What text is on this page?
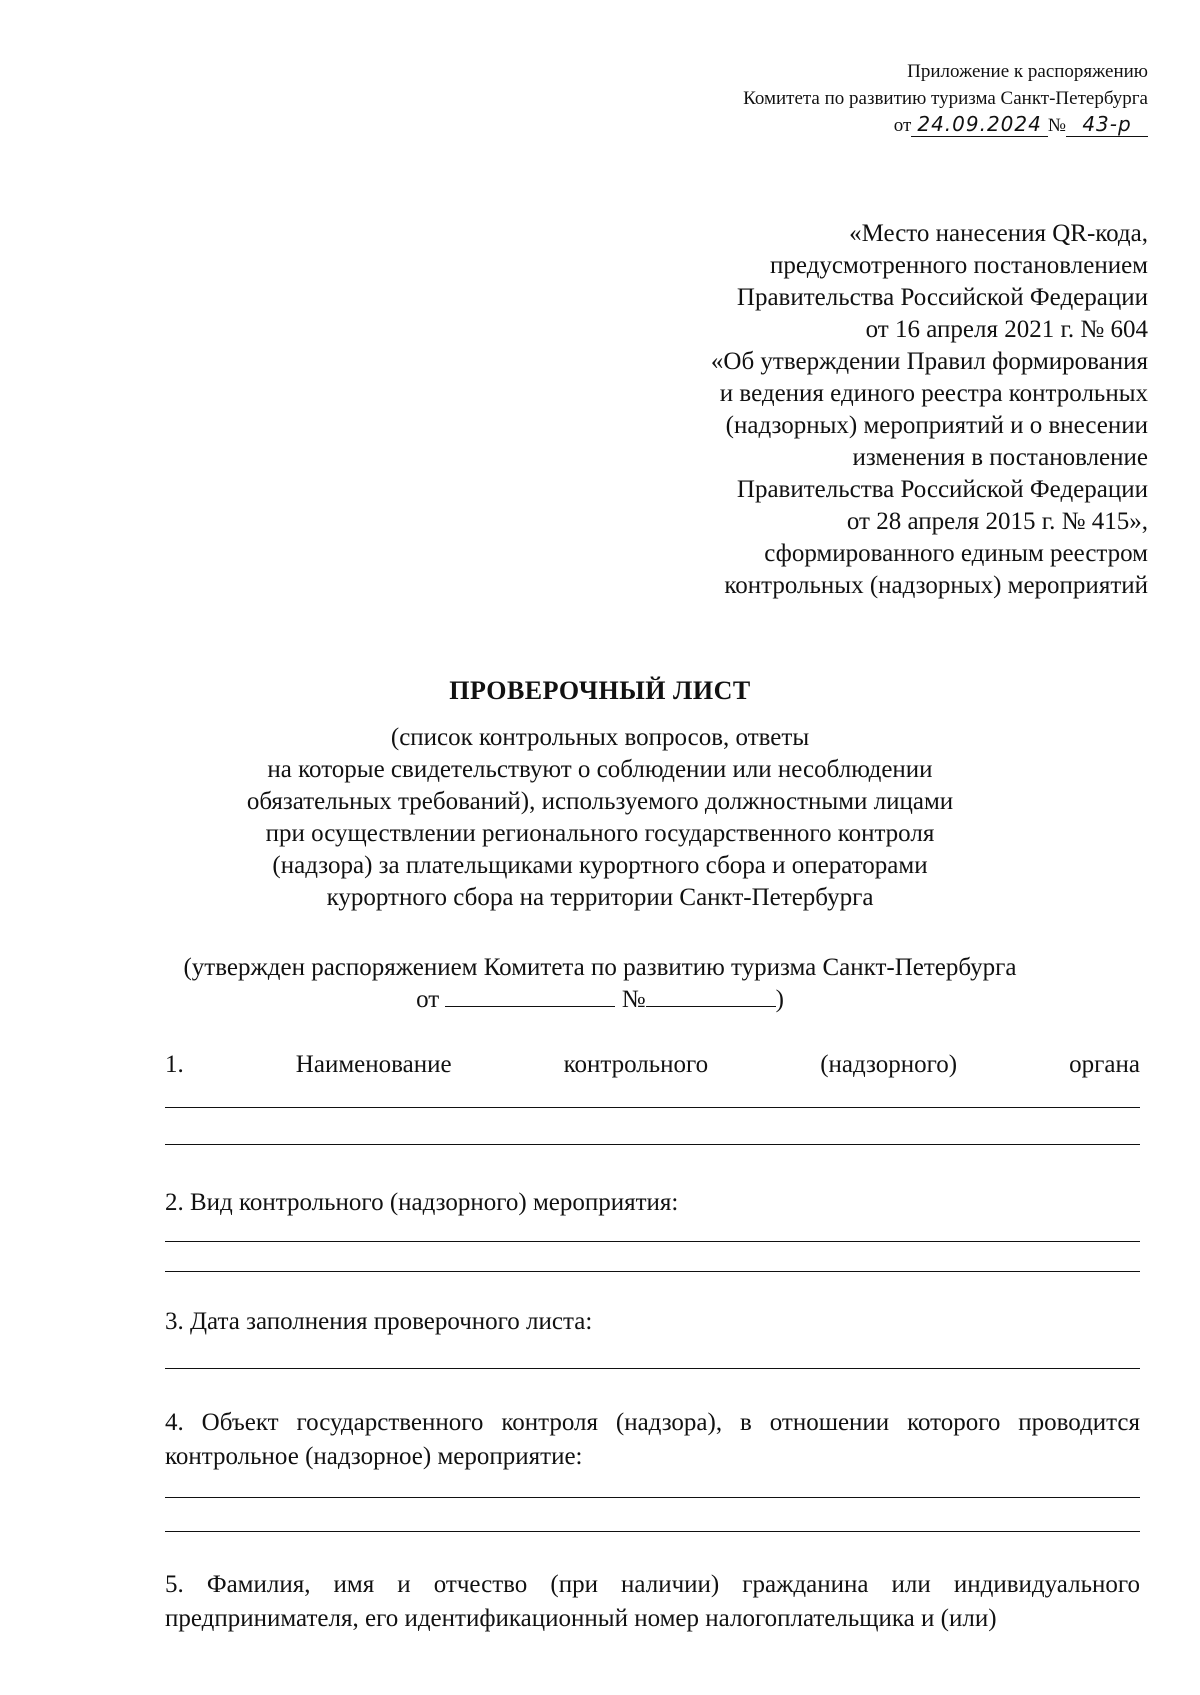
Приложение к распоряжению
Комитета по развитию туризма Санкт-Петербурга
от 24.09.2024 № 43-р
«Место нанесения QR-кода,
предусмотренного постановлением
Правительства Российской Федерации
от 16 апреля 2021 г. № 604
«Об утверждении Правил формирования
и ведения единого реестра контрольных
(надзорных) мероприятий и о внесении
изменения в постановление
Правительства Российской Федерации
от 28 апреля 2015 г. № 415»,
сформированного единым реестром
контрольных (надзорных) мероприятий
ПРОВЕРОЧНЫЙ ЛИСТ
(список контрольных вопросов, ответы
на которые свидетельствуют о соблюдении или несоблюдении
обязательных требований), используемого должностными лицами
при осуществлении регионального государственного контроля
(надзора) за плательщиками курортного сбора и операторами
курортного сбора на территории Санкт-Петербурга
(утвержден распоряжением Комитета по развитию туризма Санкт-Петербурга
от	№	)
1.	Наименование	контрольного	(надзорного)	органа
2. Вид контрольного (надзорного) мероприятия:
3. Дата заполнения проверочного листа:
4. Объект государственного контроля (надзора), в отношении которого проводится контрольное (надзорное) мероприятие:
5. Фамилия, имя и отчество (при наличии) гражданина или индивидуального предпринимателя, его идентификационный номер налогоплательщика и (или)
